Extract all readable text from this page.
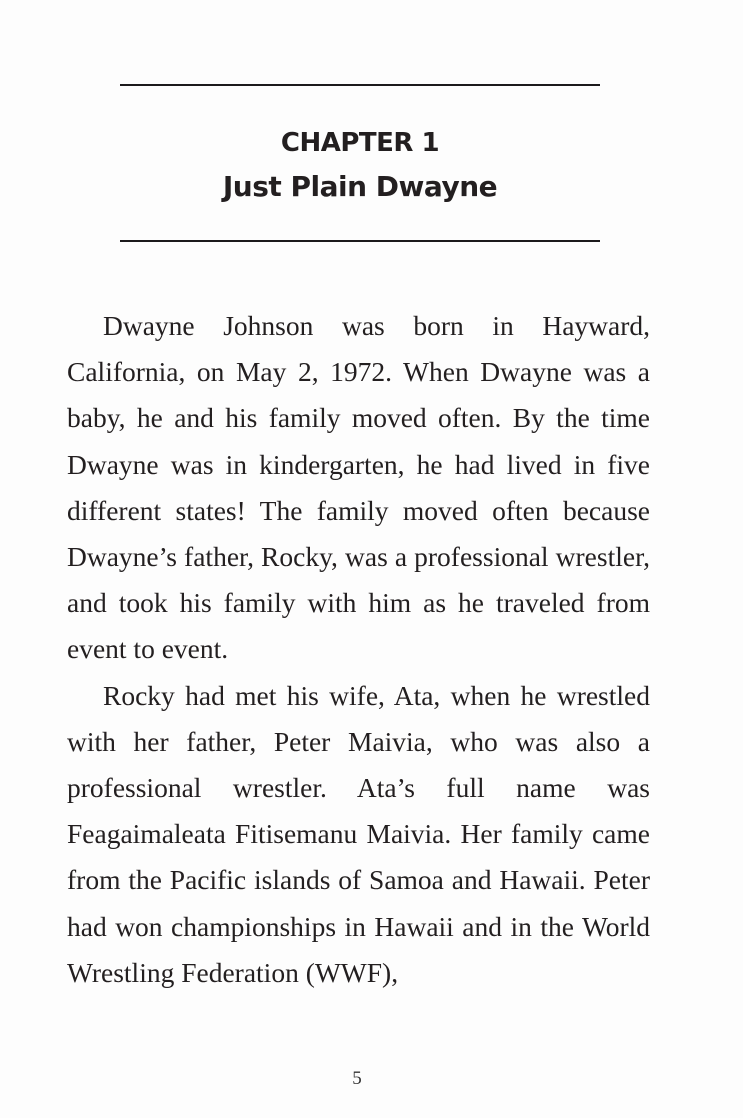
CHAPTER 1
Just Plain Dwayne

Dwayne Johnson was born in Hayward, California, on May 2, 1972. When Dwayne was a baby, he and his family moved often. By the time Dwayne was in kindergarten, he had lived in five different states! The family moved often because Dwayne’s father, Rocky, was a professional wrestler, and took his family with him as he traveled from event to event.

Rocky had met his wife, Ata, when he wrestled with her father, Peter Maivia, who was also a professional wrestler. Ata’s full name was Feagaimaleata Fitisemanu Maivia. Her family came from the Pacific islands of Samoa and Hawaii. Peter had won championships in Hawaii and in the World Wrestling Federation (WWF),

5
